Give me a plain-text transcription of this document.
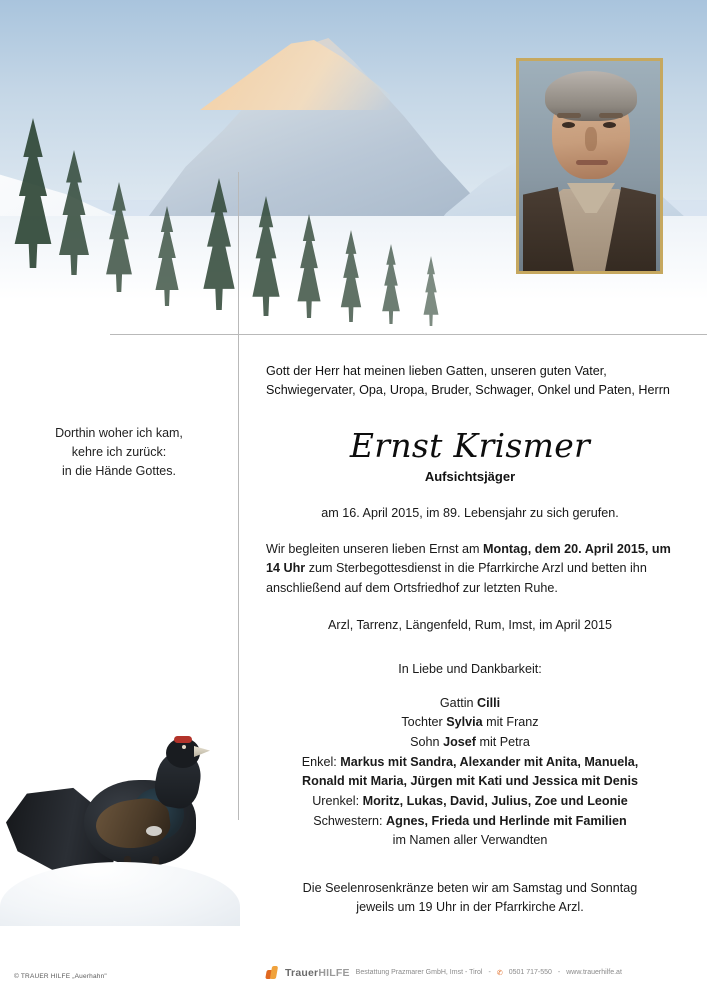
Dorthin woher ich kam,
kehre ich zurück:
in die Hände Gottes.
© TRAUER HILFE „Auerhahn"
Gott der Herr hat meinen lieben Gatten, unseren guten Vater, Schwiegervater, Opa, Uropa, Bruder, Schwager, Onkel und Paten, Herrn
Ernst Krismer
Aufsichtsjäger
am 16. April 2015, im 89. Lebensjahr zu sich gerufen.
Wir begleiten unseren lieben Ernst am Montag, dem 20. April 2015, um 14 Uhr zum Sterbegottesdienst in die Pfarrkirche Arzl und betten ihn anschließend auf dem Ortsfriedhof zur letzten Ruhe.
Arzl, Tarrenz, Längenfeld, Rum, Imst, im April 2015
In Liebe und Dankbarkeit:
Gattin Cilli
Tochter Sylvia mit Franz
Sohn Josef mit Petra
Enkel: Markus mit Sandra, Alexander mit Anita, Manuela,
Ronald mit Maria, Jürgen mit Kati und Jessica mit Denis
Urenkel: Moritz, Lukas, David, Julius, Zoe und Leonie
Schwestern: Agnes, Frieda und Herlinde mit Familien
im Namen aller Verwandten
Die Seelenrosenkränze beten wir am Samstag und Sonntag
jeweils um 19 Uhr in der Pfarrkirche Arzl.
TrauerHILFE Bestattung Prazmarer GmbH, Imst - Tirol - ✆ 0501 717-550 - www.trauerhilfe.at
